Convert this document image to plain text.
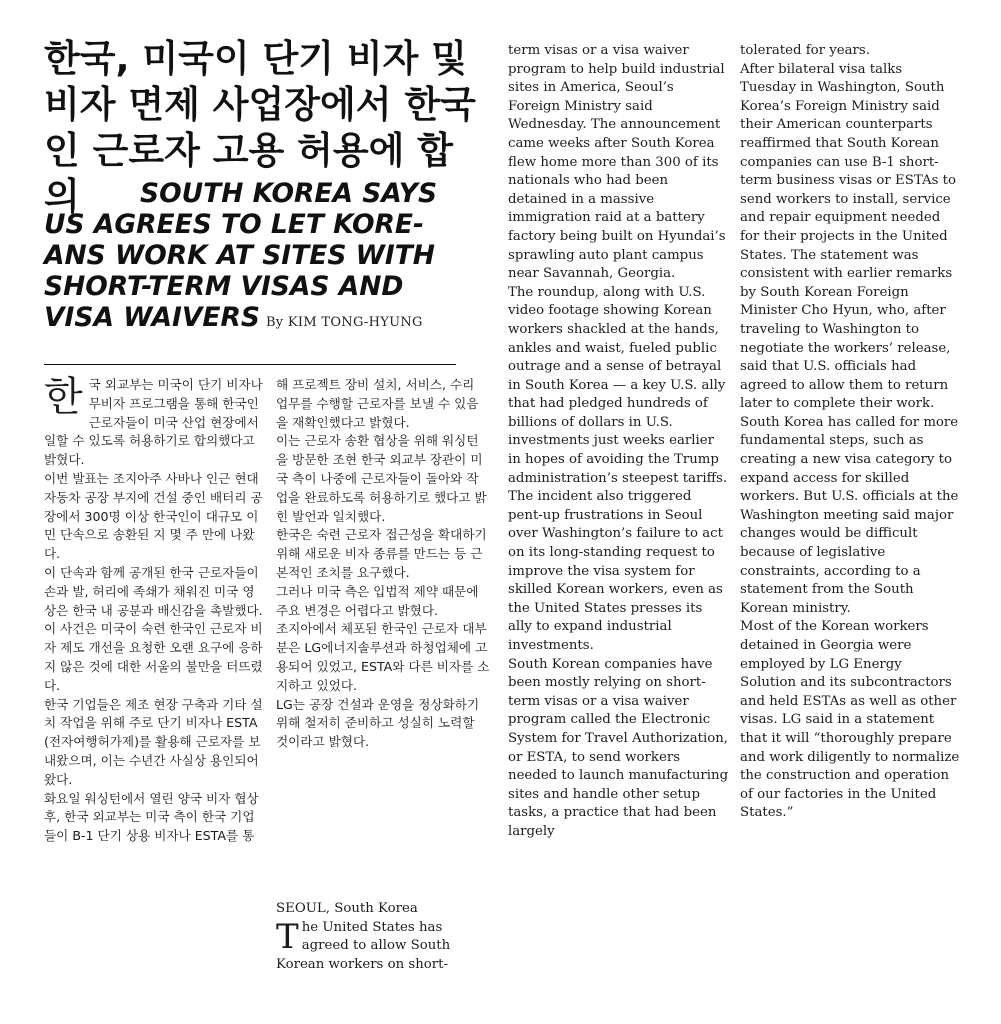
한국, 미국이 단기 비자 및 비자 면제 사업장에서 한국인 근로자 고용 허용에 합의	SOUTH KOREA SAYS
US AGREES TO LET KORE-
ANS WORK AT SITES WITH
SHORT-TERM VISAS AND
VISA WAIVERS By KIM TONG-HYUNG

한국 외교부는 미국이 단기 비자나 무비자 프로그램을 통해 한국인 근로자들이 미국 산업 현장에서 일할 수 있도록 허용하기로 합의했다고 밝혔다.

이번 발표는 조지아주 사바나 인근 현대 자동차 공장 부지에 건설 중인 배터리 공장에서 300명 이상 한국인이 대규모 이민 단속으로 송환된 지 몇 주 만에 나왔다.

이 단속과 함께 공개된 한국 근로자들이 손과 발, 허리에 족쇄가 채워진 미국 영상은 한국 내 공분과 배신감을 촉발했다.

이 사건은 미국이 숙련 한국인 근로자 비자 제도 개선을 요청한 오랜 요구에 응하지 않은 것에 대한 서울의 불만을 터뜨렸다.

한국 기업들은 제조 현장 구축과 기타 설치 작업을 위해 주로 단기 비자나 ESTA(전자여행허가제)를 활용해 근로자를 보내왔으며, 이는 수년간 사실상 용인되어 왔다.

화요일 워싱턴에서 열린 양국 비자 협상 후, 한국 외교부는 미국 측이 한국 기업들이 B-1 단기 상용 비자나 ESTA를 통

해 프로젝트 장비 설치, 서비스, 수리 업무를 수행할 근로자를 보낼 수 있음을 재확인했다고 밝혔다.

이는 근로자 송환 협상을 위해 워싱턴을 방문한 조현 한국 외교부 장관이 미국 측이 나중에 근로자들이 돌아와 작업을 완료하도록 허용하기로 했다고 밝힌 발언과 일치했다.

한국은 숙련 근로자 접근성을 확대하기 위해 새로운 비자 종류를 만드는 등 근본적인 조치를 요구했다.

그러나 미국 측은 입법적 제약 때문에 주요 변경은 어렵다고 밝혔다.

조지아에서 체포된 한국인 근로자 대부분은 LG에너지솔루션과 하청업체에 고용되어 있었고, ESTA와 다른 비자를 소지하고 있었다.

LG는 공장 건설과 운영을 정상화하기 위해 철저히 준비하고 성실히 노력할 것이라고 밝혔다.

SEOUL, South Korea

The United States has agreed to allow South Korean workers on short-

term visas or a visa waiver program to help build industrial sites in America, Seoul’s Foreign Ministry said Wednesday. The announcement came weeks after South Korea flew home more than 300 of its nationals who had been detained in a massive immigration raid at a battery factory being built on Hyundai’s sprawling auto plant campus near Savannah, Georgia.

The roundup, along with U.S. video footage showing Korean workers shackled at the hands, ankles and waist, fueled public outrage and a sense of betrayal in South Korea — a key U.S. ally that had pledged hundreds of billions of dollars in U.S. investments just weeks earlier in hopes of avoiding the Trump administration’s steepest tariffs.

The incident also triggered pent-up frustrations in Seoul over Washington’s failure to act on its long-standing request to improve the visa system for skilled Korean workers, even as the United States presses its ally to expand industrial investments.

South Korean companies have been mostly relying on short-term visas or a visa waiver program called the Electronic System for Travel Authorization, or ESTA, to send workers needed to launch manufacturing sites and handle other setup tasks, a practice that had been largely

tolerated for years.

After bilateral visa talks Tuesday in Washington, South Korea’s Foreign Ministry said their American counterparts reaffirmed that South Korean companies can use B-1 short-term business visas or ESTAs to send workers to install, service and repair equipment needed for their projects in the United States. The statement was consistent with earlier remarks by South Korean Foreign Minister Cho Hyun, who, after traveling to Washington to negotiate the workers’ release, said that U.S. officials had agreed to allow them to return later to complete their work.

South Korea has called for more fundamental steps, such as creating a new visa category to expand access for skilled workers. But U.S. officials at the Washington meeting said major changes would be difficult because of legislative constraints, according to a statement from the South Korean ministry.

Most of the Korean workers detained in Georgia were employed by LG Energy Solution and its subcontractors and held ESTAs as well as other visas. LG said in a statement that it will “thoroughly prepare and work diligently to normalize the construction and operation of our factories in the United States.”
